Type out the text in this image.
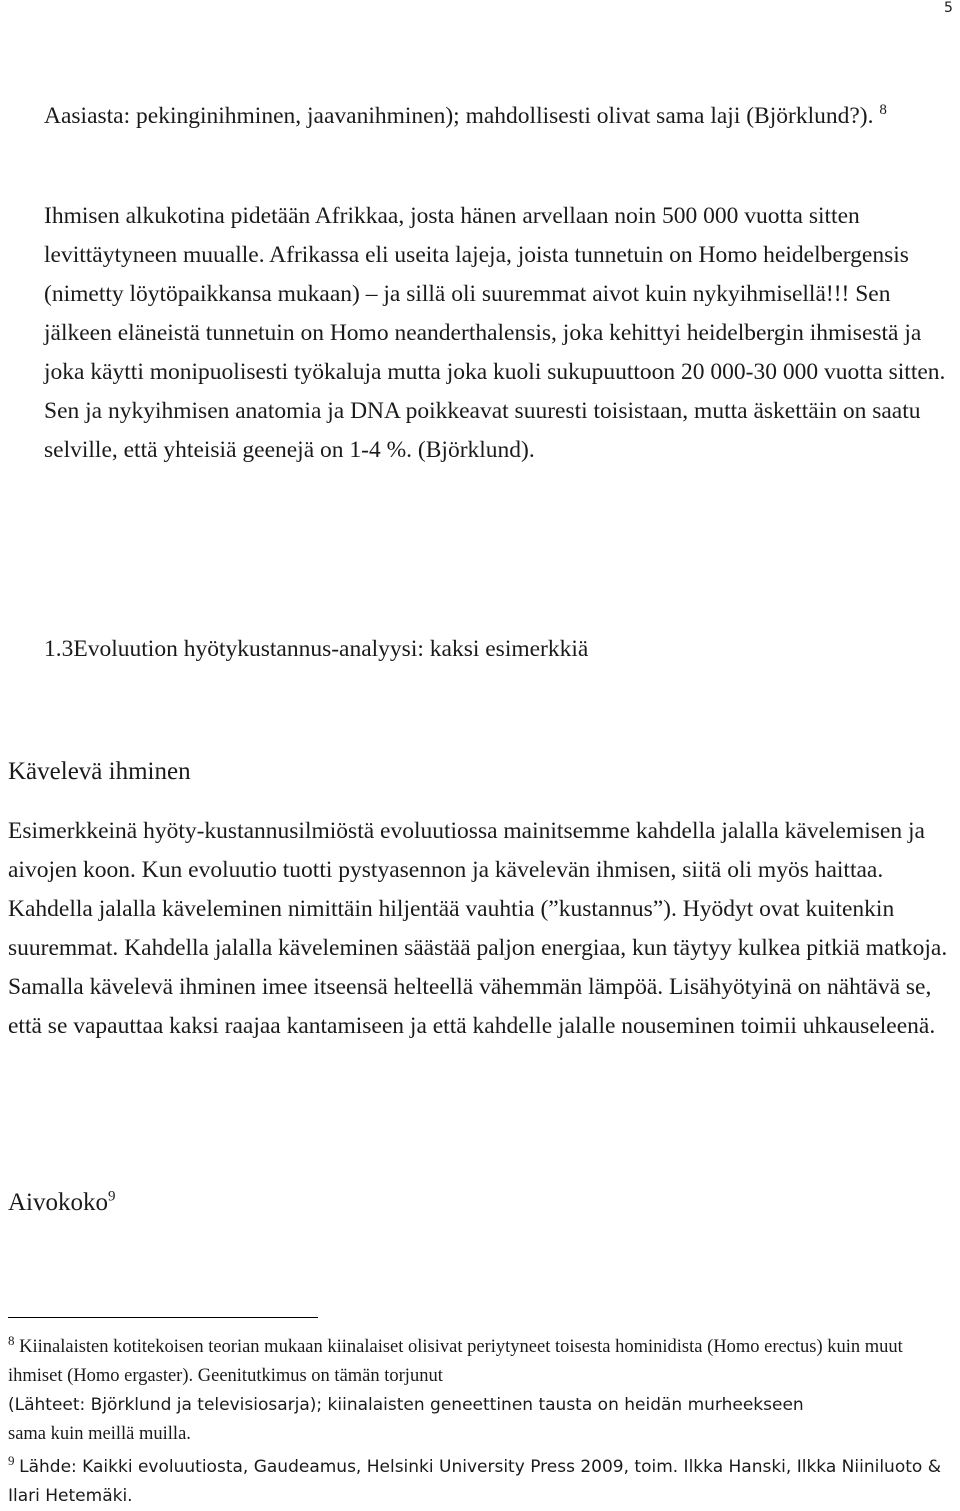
5

Aasiasta: pekinginihminen, jaavanihminen); mahdollisesti olivat sama laji (Björklund?). $^8$

Ihmisen alkukotina pidetään Afrikkaa, josta hänen arvellaan noin 500 000 vuotta sitten levittäytyneen muualle. Afrikassa eli useita lajeja, joista tunnetuin on Homo heidelbergensis (nimetty löytöpaikkansa mukaan) – ja sillä oli suuremmat aivot kuin nykyihmisellä!!! Sen jälkeen eläneistä tunnetuin on Homo neanderthalensis, joka kehittyi heidelbergin ihmisestä ja joka käytti monipuolisesti työkaluja mutta joka kuoli sukupuuttoon 20 000-30 000 vuotta sitten. Sen ja nykyihmisen anatomia ja DNA poikkeavat suuresti toisistaan, mutta äskettäin on saatu selville, että yhteisiä geenejä on 1-4 %. (Björklund).

1.3Evoluution hyötykustannus-analyysi: kaksi esimerkkiä
Kävelevä ihminen

Esimerkkeinä hyöty-kustannusilmiöstä evoluutiossa mainitsemme kahdella jalalla kävelemisen ja aivojen koon. Kun evoluutio tuotti pystyasennon ja kävelevän ihmisen, siitä oli myös haittaa. Kahdella jalalla käveleminen nimittäin hiljentää vauhtia (”kustannus”). Hyödyt ovat kuitenkin suuremmat. Kahdella jalalla käveleminen säästää paljon energiaa, kun täytyy kulkea pitkiä matkoja. Samalla kävelevä ihminen imee itseensä helteellä vähemmän lämpöä. Lisähyötyinä on nähtävä se, että se vapauttaa kaksi raajaa kantamiseen ja että kahdelle jalalle nouseminen toimii uhkauseleenä.

Aivokoko$^9$

$^8$ Kiinalaisten kotitekoisen teorian mukaan kiinalaiset olisivat periytyneet toisesta hominidista (Homo erectus) kuin muut ihmiset (Homo ergaster). Geenitutkimus on tämän torjunut
(Lähteet: Björklund ja televisiosarja); kiinalaisten geneettinen tausta on heidän murheekseen
sama kuin meillä muilla.

$^9$ Lähde: Kaikki evoluutiosta, Gaudeamus, Helsinki University Press 2009, toim. Ilkka Hanski, Ilkka Niiniluoto & Ilari Hetemäki.
